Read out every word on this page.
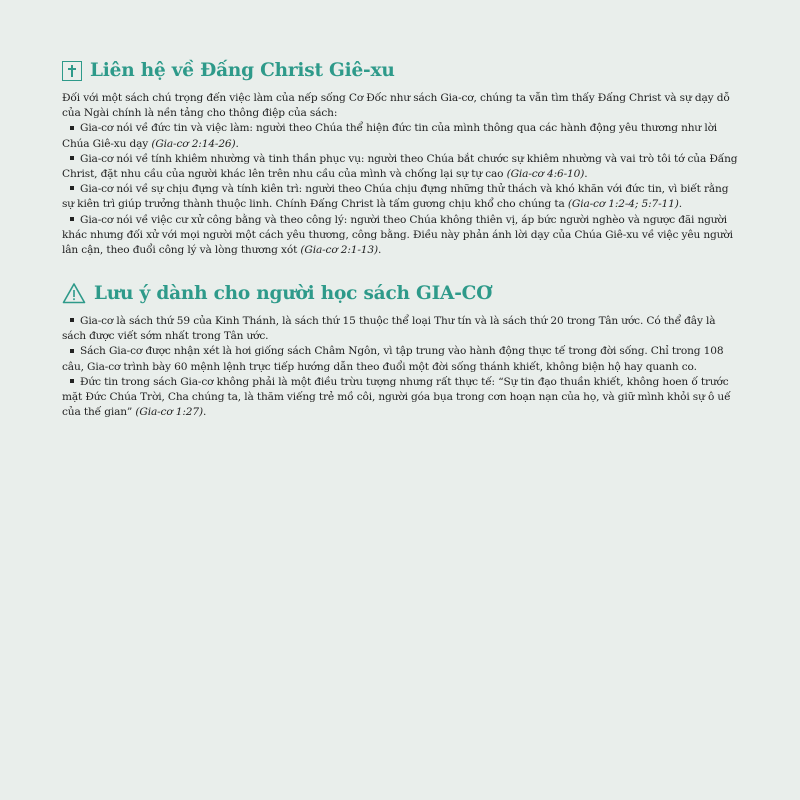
Liên hệ về Đấng Christ Giê-xu

Đối với một sách chú trọng đến việc làm của nếp sống Cơ Đốc như sách Gia-cơ, chúng ta vẫn tìm thấy Đấng Christ và sự dạy dỗ của Ngài chính là nền tảng cho thông điệp của sách:

Gia-cơ nói về đức tin và việc làm: người theo Chúa thể hiện đức tin của mình thông qua các hành động yêu thương như lời Chúa Giê-xu dạy (Gia-cơ 2:14-26).
Gia-cơ nói về tính khiêm nhường và tinh thần phục vụ: người theo Chúa bắt chước sự khiêm nhường và vai trò tôi tớ của Đấng Christ, đặt nhu cầu của người khác lên trên nhu cầu của mình và chống lại sự tự cao (Gia-cơ 4:6-10).
Gia-cơ nói về sự chịu đựng và tính kiên trì: người theo Chúa chịu đựng những thử thách và khó khăn với đức tin, vì biết rằng sự kiên trì giúp trưởng thành thuộc linh. Chính Đấng Christ là tấm gương chịu khổ cho chúng ta (Gia-cơ 1:2-4; 5:7-11).
Gia-cơ nói về việc cư xử công bằng và theo công lý: người theo Chúa không thiên vị, áp bức người nghèo và ngược đãi người khác nhưng đối xử với mọi người một cách yêu thương, công bằng. Điều này phản ánh lời dạy của Chúa Giê-xu về việc yêu người lân cận, theo đuổi công lý và lòng thương xót (Gia-cơ 2:1-13).
Lưu ý dành cho người học sách GIA-CƠ
Gia-cơ là sách thứ 59 của Kinh Thánh, là sách thứ 15 thuộc thể loại Thư tín và là sách thứ 20 trong Tân ước. Có thể đây là sách được viết sớm nhất trong Tân ước.
Sách Gia-cơ được nhận xét là hơi giống sách Châm Ngôn, vì tập trung vào hành động thực tế trong đời sống. Chỉ trong 108 câu, Gia-cơ trình bày 60 mệnh lệnh trực tiếp hướng dẫn theo đuổi một đời sống thánh khiết, không biện hộ hay quanh co.
Đức tin trong sách Gia-cơ không phải là một điều trừu tượng nhưng rất thực tế: “Sự tin đạo thuần khiết, không hoen ố trước mặt Đức Chúa Trời, Cha chúng ta, là thăm viếng trẻ mồ côi, người góa bụa trong cơn hoạn nạn của họ, và giữ mình khỏi sự ô uế của thế gian” (Gia-cơ 1:27).
